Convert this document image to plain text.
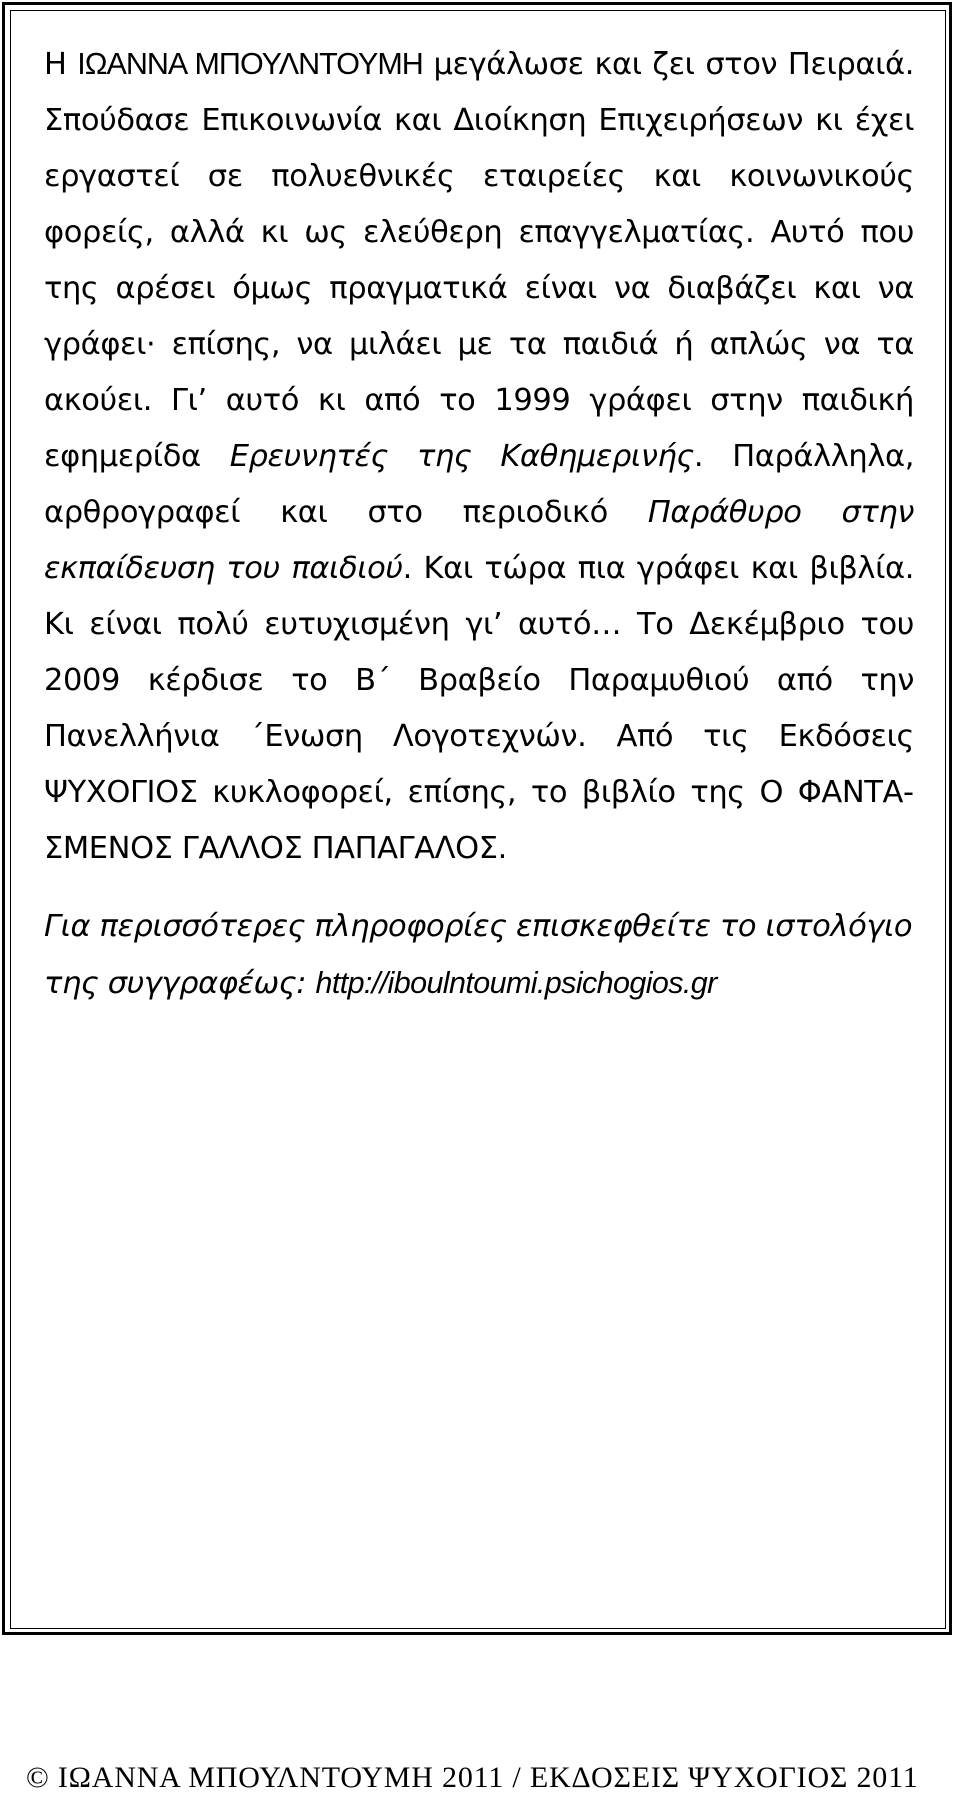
Η ΙΩΑΝΝΑ ΜΠΟΥΛΝΤΟΥΜΗ μεγάλωσε και ζει στον Πειραιά. Σπούδασε Επικοινωνία και Διοίκηση Επιχειρήσεων κι έχει εργαστεί σε πολυεθνικές εταιρείες και κοινωνικούς φορείς, αλλά κι ως ελεύθερη επαγγελματίας. Αυτό που της αρέσει όμως πραγματικά είναι να διαβάζει και να γράφει· επίσης, να μιλάει με τα παιδιά ή απλώς να τα ακούει. Γι’ αυτό κι από το 1999 γράφει στην παιδική εφημερίδα Ερευνητές της Καθημερινής. Παράλληλα, αρθρογραφεί και στο περιοδικό Παράθυρο στην εκπαίδευση του παιδιού. Και τώρα πια γράφει και βιβλία. Κι είναι πολύ ευτυχισμένη γι’ αυτό… Το Δεκέμβριο του 2009 κέρδισε το Β΄ Βραβείο Παραμυθιού από την Πανελλήνια ΄Ενωση Λογοτεχνών. Από τις Εκδόσεις ΨΥΧΟΓΙΟΣ κυκλοφορεί, επίσης, το βιβλίο της Ο ΦΑΝΤΑΣΜΕΝΟΣ ΓΑΛΛΟΣ ΠΑΠΑΓΑΛΟΣ.

Για περισσότερες πληροφορίες επισκεφθείτε το ιστολόγιο της συγγραφέως: http://iboulntoumi.psichogios.gr

© ΙΩΑΝΝΑ ΜΠΟΥΛΝΤΟΥΜΗ 2011 / ΕΚΔΟΣΕΙΣ ΨΥΧΟΓΙΟΣ 2011
